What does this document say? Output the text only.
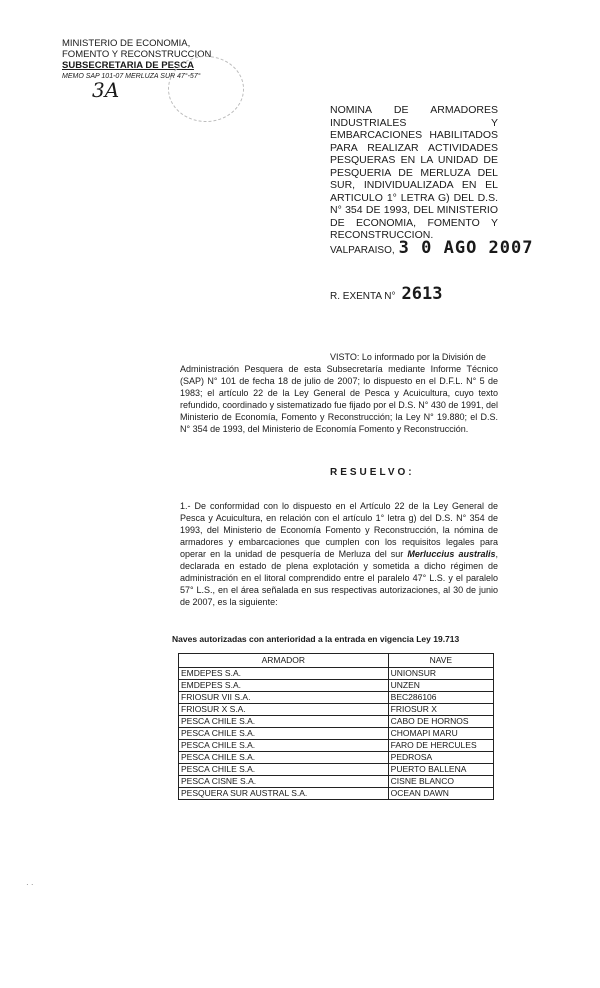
MINISTERIO DE ECONOMIA,
FOMENTO Y RECONSTRUCCION
SUBSECRETARIA DE PESCA
MEMO SAP 101-07 MERLUZA SUR 47°-57°
3A
NOMINA DE ARMADORES INDUSTRIALES Y EMBARCACIONES HABILITADOS PARA REALIZAR ACTIVIDADES PESQUERAS EN LA UNIDAD DE PESQUERIA DE MERLUZA DEL SUR, INDIVIDUALIZADA EN EL ARTICULO 1° LETRA G) DEL D.S. N° 354 DE 1993, DEL MINISTERIO DE ECONOMIA, FOMENTO Y RECONSTRUCCION.
VALPARAISO, 3 0 AGO 2007
R. EXENTA N° 2613
VISTO: Lo informado por la División de
Administración Pesquera de esta Subsecretaría mediante Informe Técnico (SAP) N° 101 de fecha 18 de julio de 2007; lo dispuesto en el D.F.L. N° 5 de 1983; el artículo 22 de la Ley General de Pesca y Acuicultura, cuyo texto refundido, coordinado y sistematizado fue fijado por el D.S. N° 430 de 1991, del Ministerio de Economía, Fomento y Reconstrucción; la Ley N° 19.880; el D.S. N° 354 de 1993, del Ministerio de Economía Fomento y Reconstrucción.
RESUELVO:
1.- De conformidad con lo dispuesto en el Artículo 22 de la Ley General de Pesca y Acuicultura, en relación con el artículo 1° letra g) del D.S. N° 354 de 1993, del Ministerio de Economía Fomento y Reconstrucción, la nómina de armadores y embarcaciones que cumplen con los requisitos legales para operar en la unidad de pesquería de Merluza del sur Merluccius australis, declarada en estado de plena explotación y sometida a dicho régimen de administración en el litoral comprendido entre el paralelo 47° L.S. y el paralelo 57° L.S., en el área señalada en sus respectivas autorizaciones, al 30 de junio de 2007, es la siguiente:
Naves autorizadas con anterioridad a la entrada en vigencia Ley 19.713
ARMADOR	NAVE
EMDEPES S.A.	UNIONSUR
EMDEPES S.A.	UNZEN
FRIOSUR VII S.A.	BEC286106
FRIOSUR X S.A.	FRIOSUR X
PESCA CHILE S.A.	CABO DE HORNOS
PESCA CHILE S.A.	CHOMAPI MARU
PESCA CHILE S.A.	FARO DE HERCULES
PESCA CHILE S.A.	PEDROSA
PESCA CHILE S.A.	PUERTO BALLENA
PESCA CISNE S.A.	CISNE BLANCO
PESQUERA SUR AUSTRAL S.A.	OCEAN DAWN
· ·
